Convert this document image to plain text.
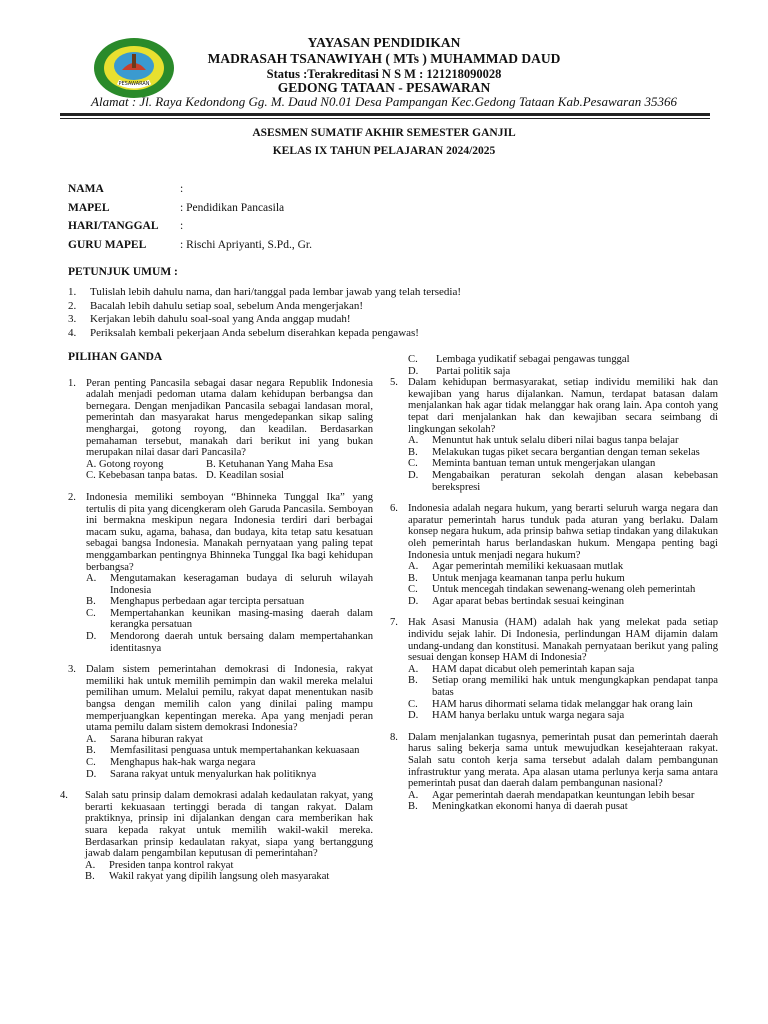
PESAWARAN
YAYASAN PENDIDIKAN
MADRASAH TSANAWIYAH ( MTs ) MUHAMMAD DAUD
Status :Terakreditasi N S M : 121218090028
GEDONG TATAAN - PESAWARAN
Alamat : Jl. Raya Kedondong Gg. M. Daud N0.01 Desa Pampangan Kec.Gedong Tataan Kab.Pesawaran 35366
ASESMEN SUMATIF AKHIR SEMESTER GANJIL
KELAS IX TAHUN PELAJARAN 2024/2025
NAMA	:
MAPEL	: Pendidikan Pancasila
HARI/TANGGAL	:
GURU MAPEL	: Rischi Apriyanti, S.Pd., Gr.
PETUNJUK UMUM :
1.	Tulislah lebih dahulu nama, dan hari/tanggal pada lembar jawab yang telah tersedia!
2.	Bacalah lebih dahulu setiap soal, sebelum Anda mengerjakan!
3.	Kerjakan lebih dahulu soal-soal yang Anda anggap mudah!
4.	Periksalah kembali pekerjaan Anda sebelum diserahkan kepada pengawas!
PILIHAN GANDA
1. Peran penting Pancasila sebagai dasar negara Republik Indonesia adalah menjadi pedoman utama dalam kehidupan berbangsa dan bernegara. Dengan menjadikan Pancasila sebagai landasan moral, pemerintah dan masyarakat harus mengedepankan sikap saling menghargai, gotong royong, dan keadilan. Berdasarkan pemahaman tersebut, manakah dari berikut ini yang bukan merupakan nilai dasar dari Pancasila?
A. Gotong royong	B. Ketuhanan Yang Maha Esa
C. Kebebasan tanpa batas. D. Keadilan sosial
2. Indonesia memiliki semboyan “Bhinneka Tunggal Ika” yang tertulis di pita yang dicengkeram oleh Garuda Pancasila. Semboyan ini bermakna meskipun negara Indonesia terdiri dari berbagai macam suku, agama, bahasa, dan budaya, kita tetap satu kesatuan sebagai bangsa Indonesia. Manakah pernyataan yang paling tepat menggambarkan pentingnya Bhinneka Tunggal Ika bagi kehidupan berbangsa?
A.	Mengutamakan keseragaman budaya di seluruh wilayah Indonesia
B.	Menghapus perbedaan agar tercipta persatuan
C.	Mempertahankan keunikan masing-masing daerah dalam kerangka persatuan
D.	Mendorong daerah untuk bersaing dalam mempertahankan identitasnya
3. Dalam sistem pemerintahan demokrasi di Indonesia, rakyat memiliki hak untuk memilih pemimpin dan wakil mereka melalui pemilihan umum. Melalui pemilu, rakyat dapat menentukan nasib bangsa dengan memilih calon yang dinilai paling mampu memperjuangkan kepentingan mereka. Apa yang menjadi peran utama pemilu dalam sistem demokrasi Indonesia?
A.	Sarana hiburan rakyat
B.	Memfasilitasi penguasa untuk mempertahankan kekuasaan
C.	Menghapus hak-hak warga negara
D.	Sarana rakyat untuk menyalurkan hak politiknya
4.	Salah satu prinsip dalam demokrasi adalah kedaulatan rakyat, yang berarti kekuasaan tertinggi berada di tangan rakyat. Dalam praktiknya, prinsip ini dijalankan dengan cara memberikan hak suara kepada rakyat untuk memilih wakil-wakil mereka. Berdasarkan prinsip kedaulatan rakyat, siapa yang bertanggung jawab dalam pengambilan keputusan di pemerintahan?
A.	Presiden tanpa kontrol rakyat
B.	Wakil rakyat yang dipilih langsung oleh masyarakat
C.	Lembaga yudikatif sebagai pengawas tunggal
D.	Partai politik saja
5. Dalam kehidupan bermasyarakat, setiap individu memiliki hak dan kewajiban yang harus dijalankan. Namun, terdapat batasan dalam menjalankan hak agar tidak melanggar hak orang lain. Apa contoh yang tepat dari menjalankan hak dan kewajiban secara seimbang di lingkungan sekolah?
A.	Menuntut hak untuk selalu diberi nilai bagus tanpa belajar
B.	Melakukan tugas piket secara bergantian dengan teman sekelas
C.	Meminta bantuan teman untuk mengerjakan ulangan
D.	Mengabaikan peraturan sekolah dengan alasan kebebasan berekspresi
6. Indonesia adalah negara hukum, yang berarti seluruh warga negara dan aparatur pemerintah harus tunduk pada aturan yang berlaku. Dalam konsep negara hukum, ada prinsip bahwa setiap tindakan yang dilakukan oleh pemerintah harus berlandaskan hukum. Mengapa penting bagi Indonesia untuk menjadi negara hukum?
A.	Agar pemerintah memiliki kekuasaan mutlak
B.	Untuk menjaga keamanan tanpa perlu hukum
C.	Untuk mencegah tindakan sewenang-wenang oleh pemerintah
D.	Agar aparat bebas bertindak sesuai keinginan
7. Hak Asasi Manusia (HAM) adalah hak yang melekat pada setiap individu sejak lahir. Di Indonesia, perlindungan HAM dijamin dalam undang-undang dan konstitusi. Manakah pernyataan berikut yang paling sesuai dengan konsep HAM di Indonesia?
A.	HAM dapat dicabut oleh pemerintah kapan saja
B.	Setiap orang memiliki hak untuk mengungkapkan pendapat tanpa batas
C.	HAM harus dihormati selama tidak melanggar hak orang lain
D.	HAM hanya berlaku untuk warga negara saja
8. Dalam menjalankan tugasnya, pemerintah pusat dan pemerintah daerah harus saling bekerja sama untuk mewujudkan kesejahteraan rakyat. Salah satu contoh kerja sama tersebut adalah dalam pembangunan infrastruktur yang merata. Apa alasan utama perlunya kerja sama antara pemerintah pusat dan daerah dalam pembangunan nasional?
A.	Agar pemerintah daerah mendapatkan keuntungan lebih besar
B.	Meningkatkan ekonomi hanya di daerah pusat
